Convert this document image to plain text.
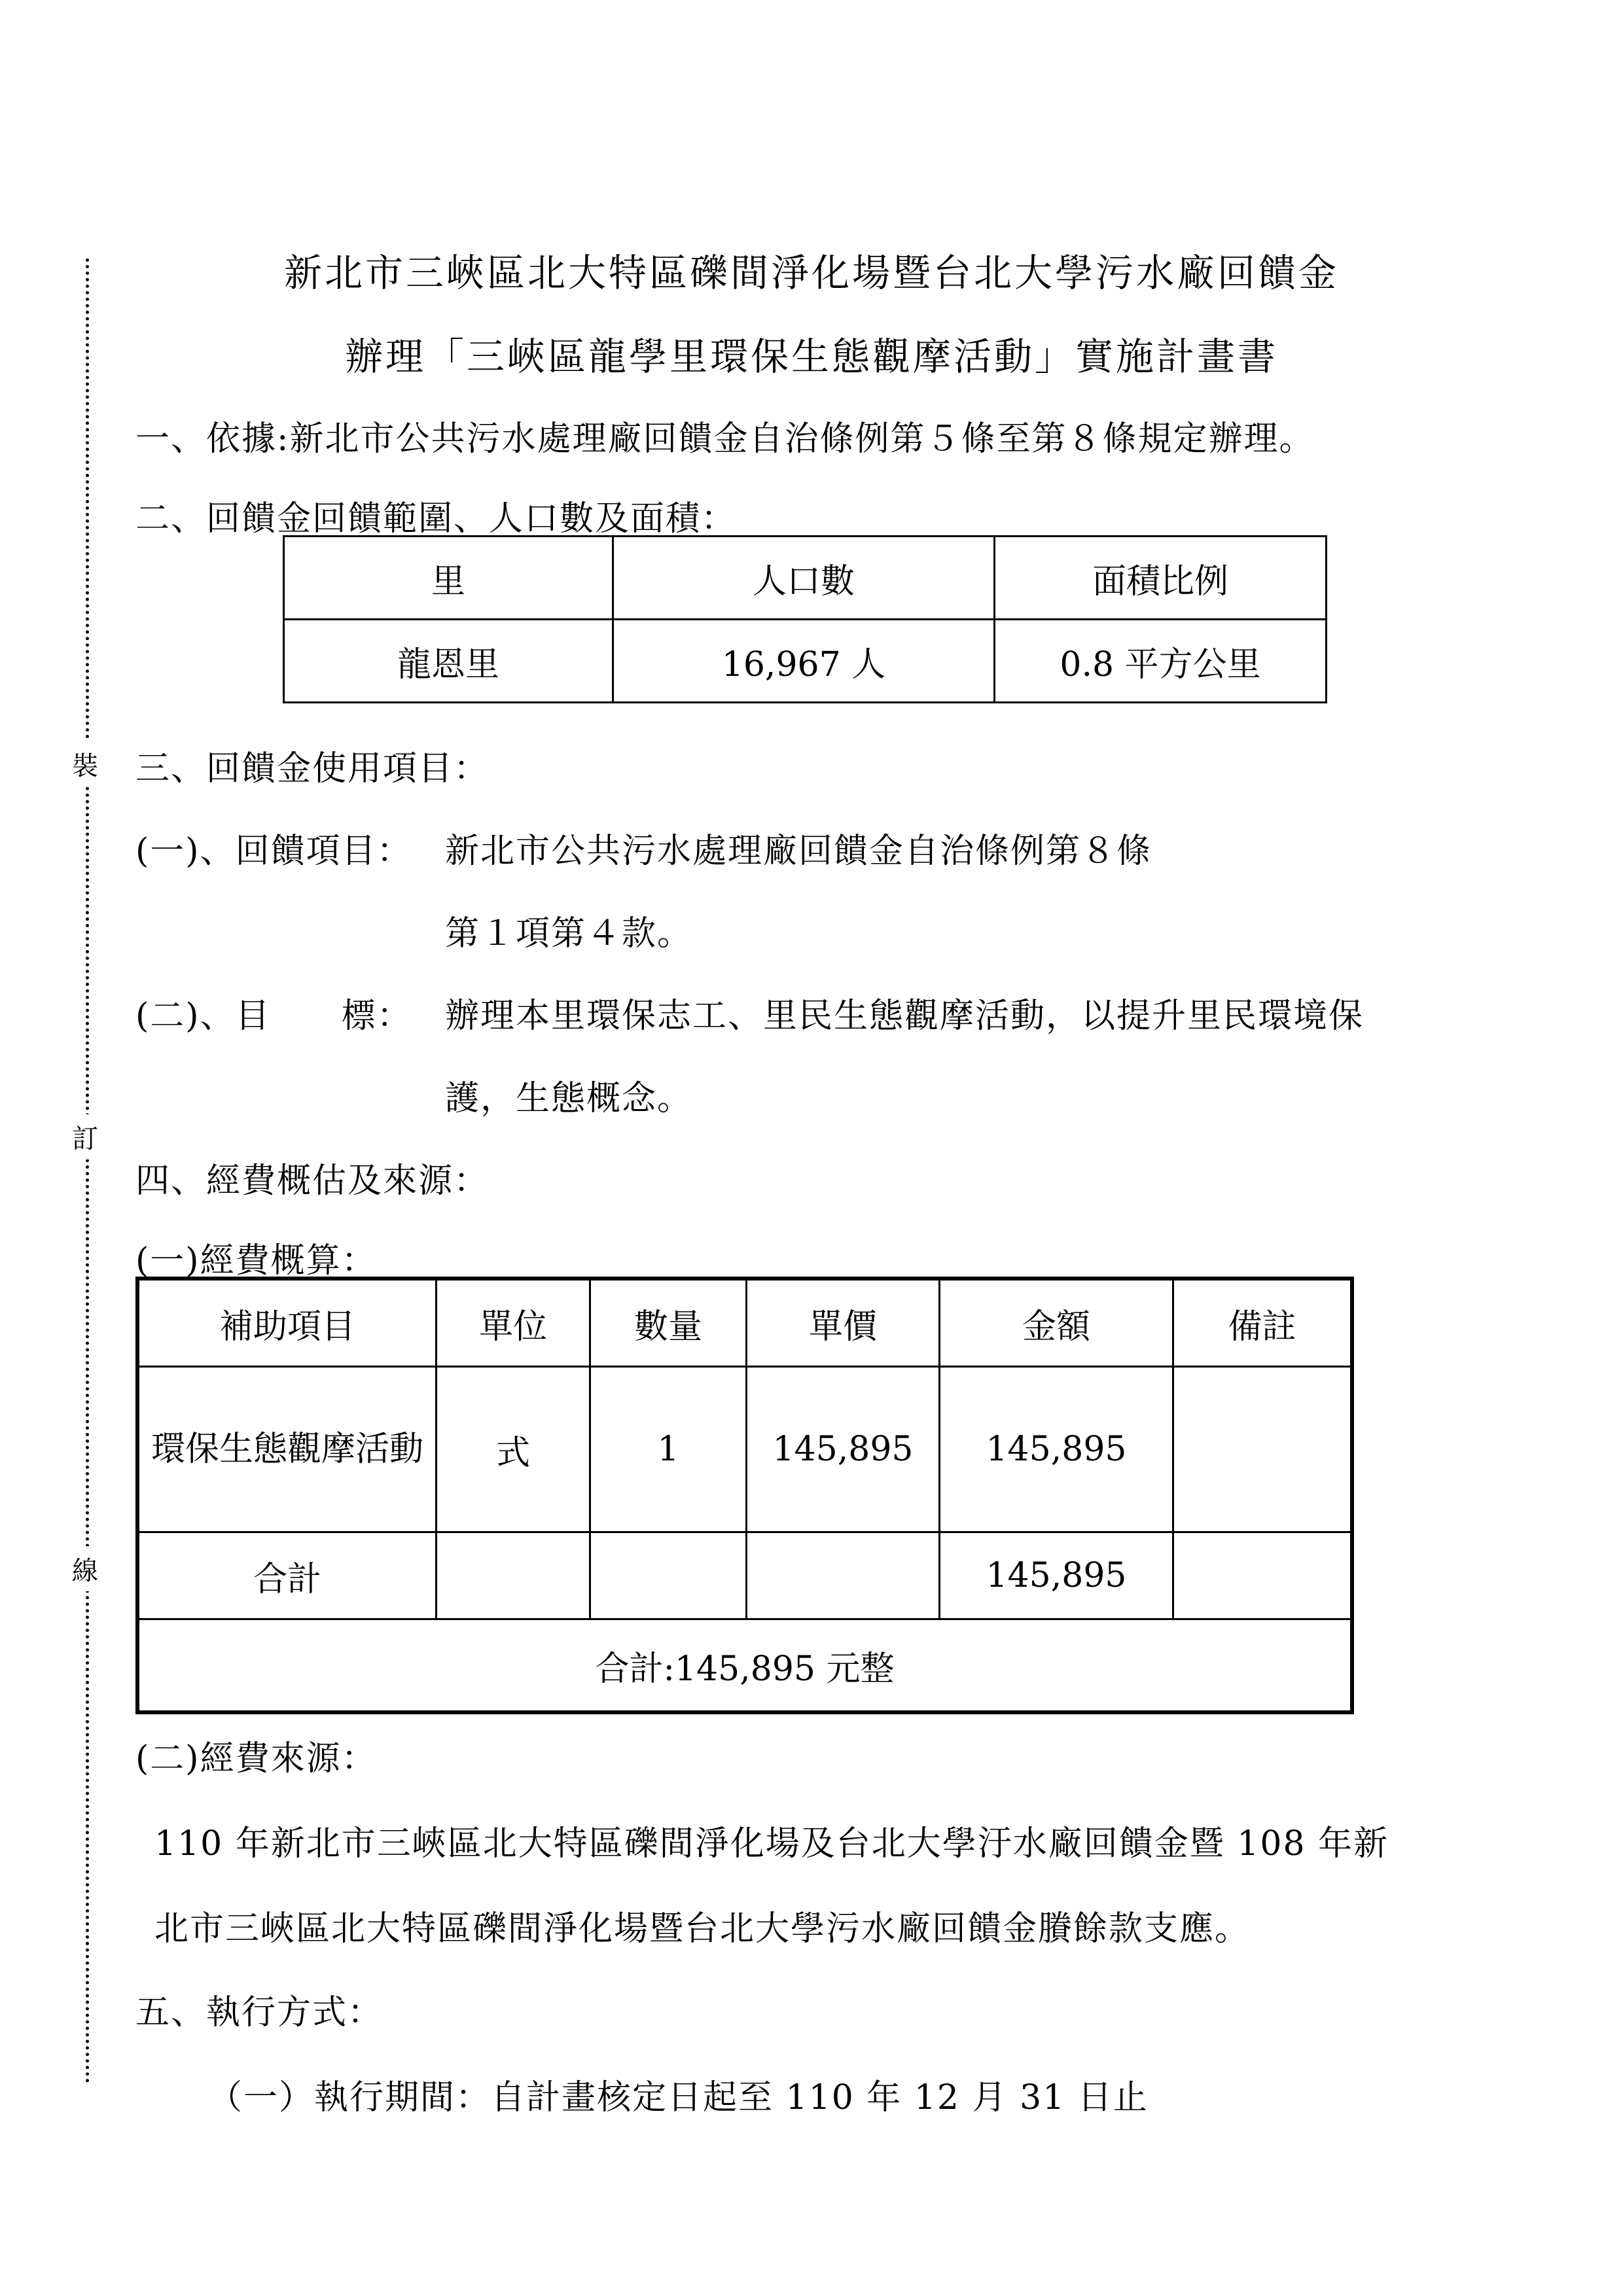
裝
訂
線
新北市三峽區北大特區礫間淨化場暨台北大學污水廠回饋金
辦理「三峽區龍學里環保生態觀摩活動」實施計畫書
一、依據:新北市公共污水處理廠回饋金自治條例第５條至第８條規定辦理。
二、回饋金回饋範圍、人口數及面積：
里	人口數	面積比例
龍恩里	16,967 人	0.8 平方公里
三、回饋金使用項目：
(一)、回饋項目： 新北市公共污水處理廠回饋金自治條例第８條
第１項第４款。
(二)、目　　標： 辦理本里環保志工、里民生態觀摩活動，以提升里民環境保
護，生態概念。
四、經費概估及來源：
(一)經費概算：
補助項目	單位	數量	單價	金額	備註
環保生態觀摩活動	式	1	145,895	145,895	
合計				145,895	
合計:145,895 元整					
(二)經費來源：
110 年新北市三峽區北大特區礫間淨化場及台北大學汙水廠回饋金暨 108 年新
北市三峽區北大特區礫間淨化場暨台北大學污水廠回饋金賸餘款支應。
五、執行方式：
（一）執行期間：自計畫核定日起至 110 年 12 月 31 日止
